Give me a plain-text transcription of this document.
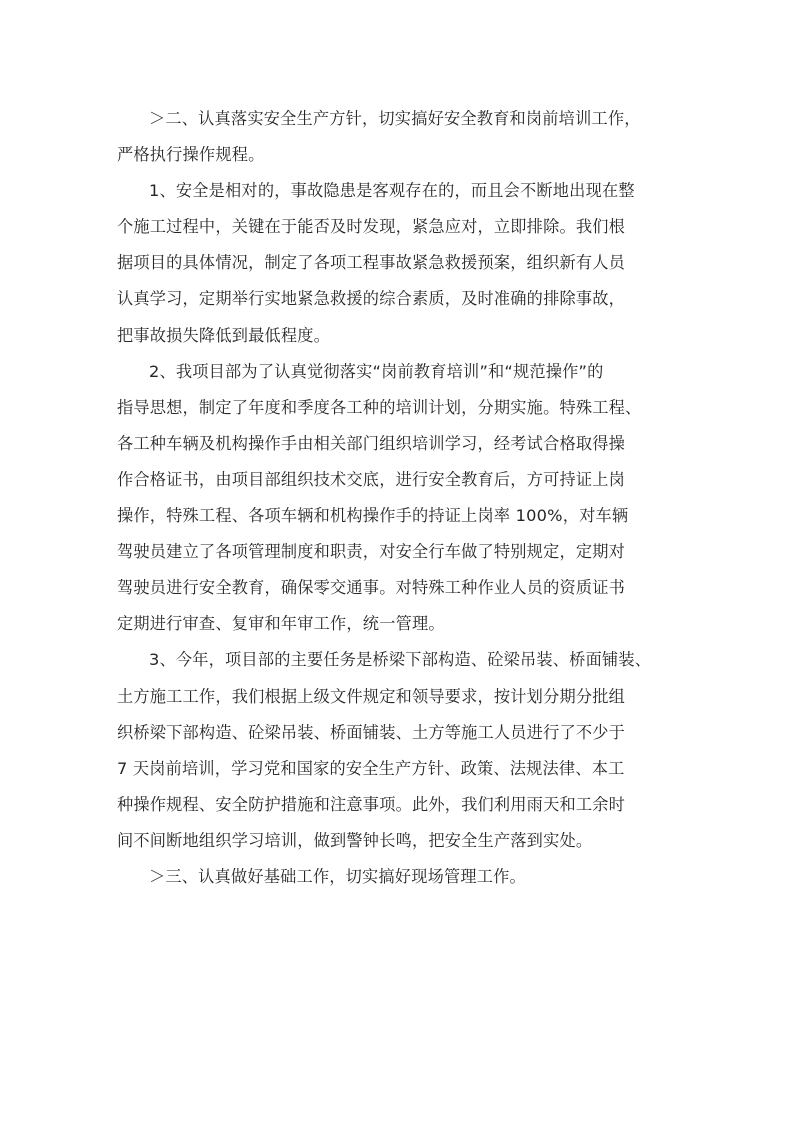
＞二、认真落实安全生产方针，切实搞好安全教育和岗前培训工作，
严格执行操作规程。
1、安全是相对的，事故隐患是客观存在的，而且会不断地出现在整
个施工过程中，关键在于能否及时发现，紧急应对，立即排除。我们根
据项目的具体情况，制定了各项工程事故紧急救援预案，组织新有人员
认真学习，定期举行实地紧急救援的综合素质，及时准确的排除事故，
把事故损失降低到最低程度。
2、我项目部为了认真觉彻落实“岗前教育培训”和“规范操作”的
指导思想，制定了年度和季度各工种的培训计划，分期实施。特殊工程、
各工种车辆及机构操作手由相关部门组织培训学习，经考试合格取得操
作合格证书，由项目部组织技术交底，进行安全教育后，方可持证上岗
操作，特殊工程、各项车辆和机构操作手的持证上岗率 100%，对车辆
驾驶员建立了各项管理制度和职责，对安全行车做了特别规定，定期对
驾驶员进行安全教育，确保零交通事。对特殊工种作业人员的资质证书
定期进行审查、复审和年审工作，统一管理。
3、今年，项目部的主要任务是桥梁下部构造、砼梁吊装、桥面铺装、
土方施工工作，我们根据上级文件规定和领导要求，按计划分期分批组
织桥梁下部构造、砼梁吊装、桥面铺装、土方等施工人员进行了不少于
7 天岗前培训，学习党和国家的安全生产方针、政策、法规法律、本工
种操作规程、安全防护措施和注意事项。此外，我们利用雨天和工余时
间不间断地组织学习培训，做到警钟长鸣，把安全生产落到实处。
＞三、认真做好基础工作，切实搞好现场管理工作。
